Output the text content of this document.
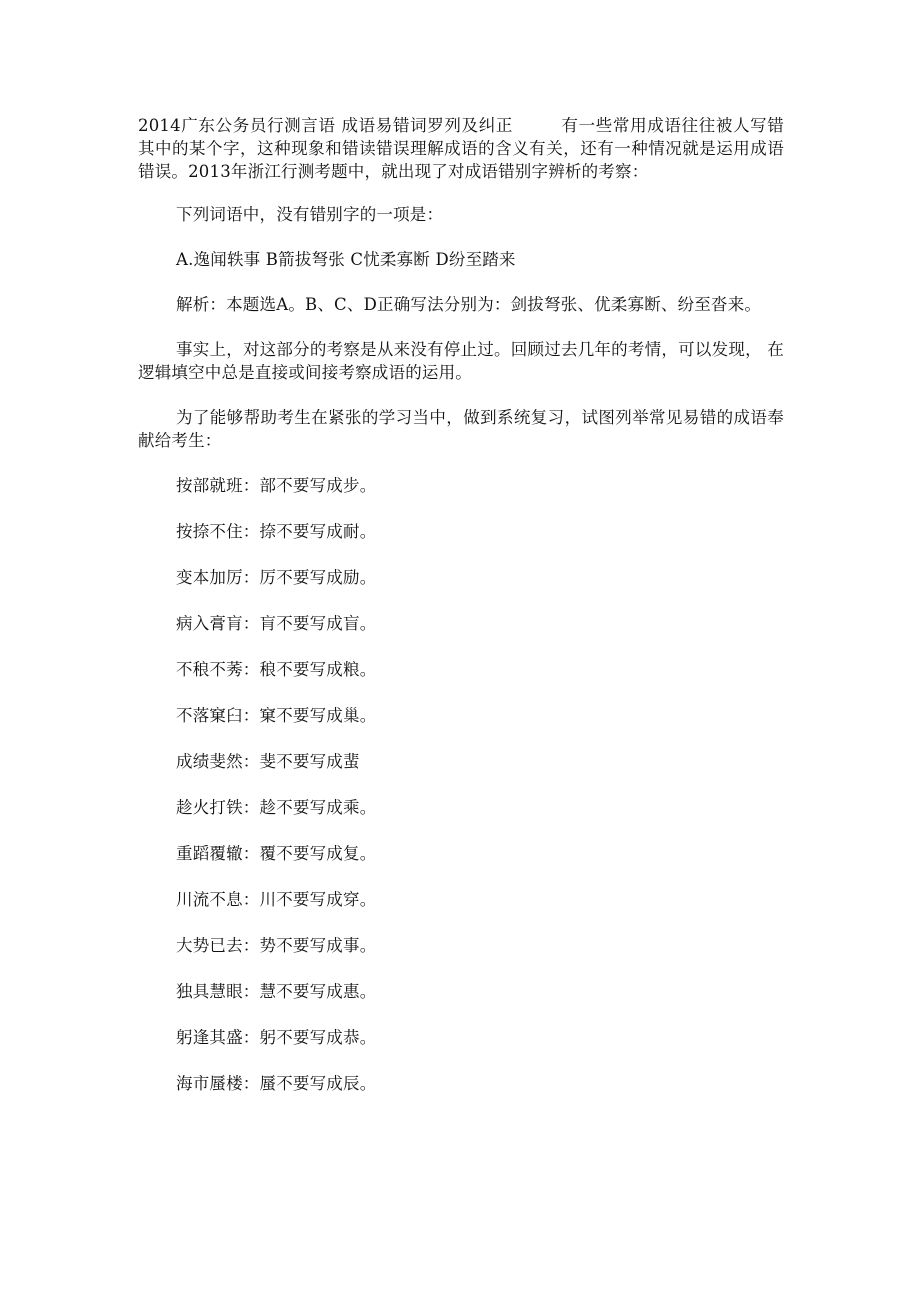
2014广东公务员行测言语 成语易错词罗列及纠正	有一些常用成语往往被人写错其中的某个字，这种现象和错读错误理解成语的含义有关，还有一种情况就是运用成语错误。2013年浙江行测考题中，就出现了对成语错别字辨析的考察：

下列词语中，没有错别字的一项是：

A.逸闻轶事 B箭拔弩张 C忧柔寡断 D纷至踏来

解析：本题选A。B、C、D正确写法分别为：剑拔弩张、优柔寡断、纷至沓来。

事实上，对这部分的考察是从来没有停止过。回顾过去几年的考情，可以发现， 在逻辑填空中总是直接或间接考察成语的运用。

为了能够帮助考生在紧张的学习当中，做到系统复习，试图列举常见易错的成语奉献给考生：

按部就班：部不要写成步。

按捺不住：捺不要写成耐。

变本加厉：厉不要写成励。

病入膏肓：肓不要写成盲。

不稂不莠：稂不要写成粮。

不落窠臼：窠不要写成巢。

成绩斐然：斐不要写成蜚

趁火打铁：趁不要写成乘。

重蹈覆辙：覆不要写成复。

川流不息：川不要写成穿。

大势已去：势不要写成事。

独具慧眼：慧不要写成惠。

躬逢其盛：躬不要写成恭。

海市蜃楼：蜃不要写成辰。
